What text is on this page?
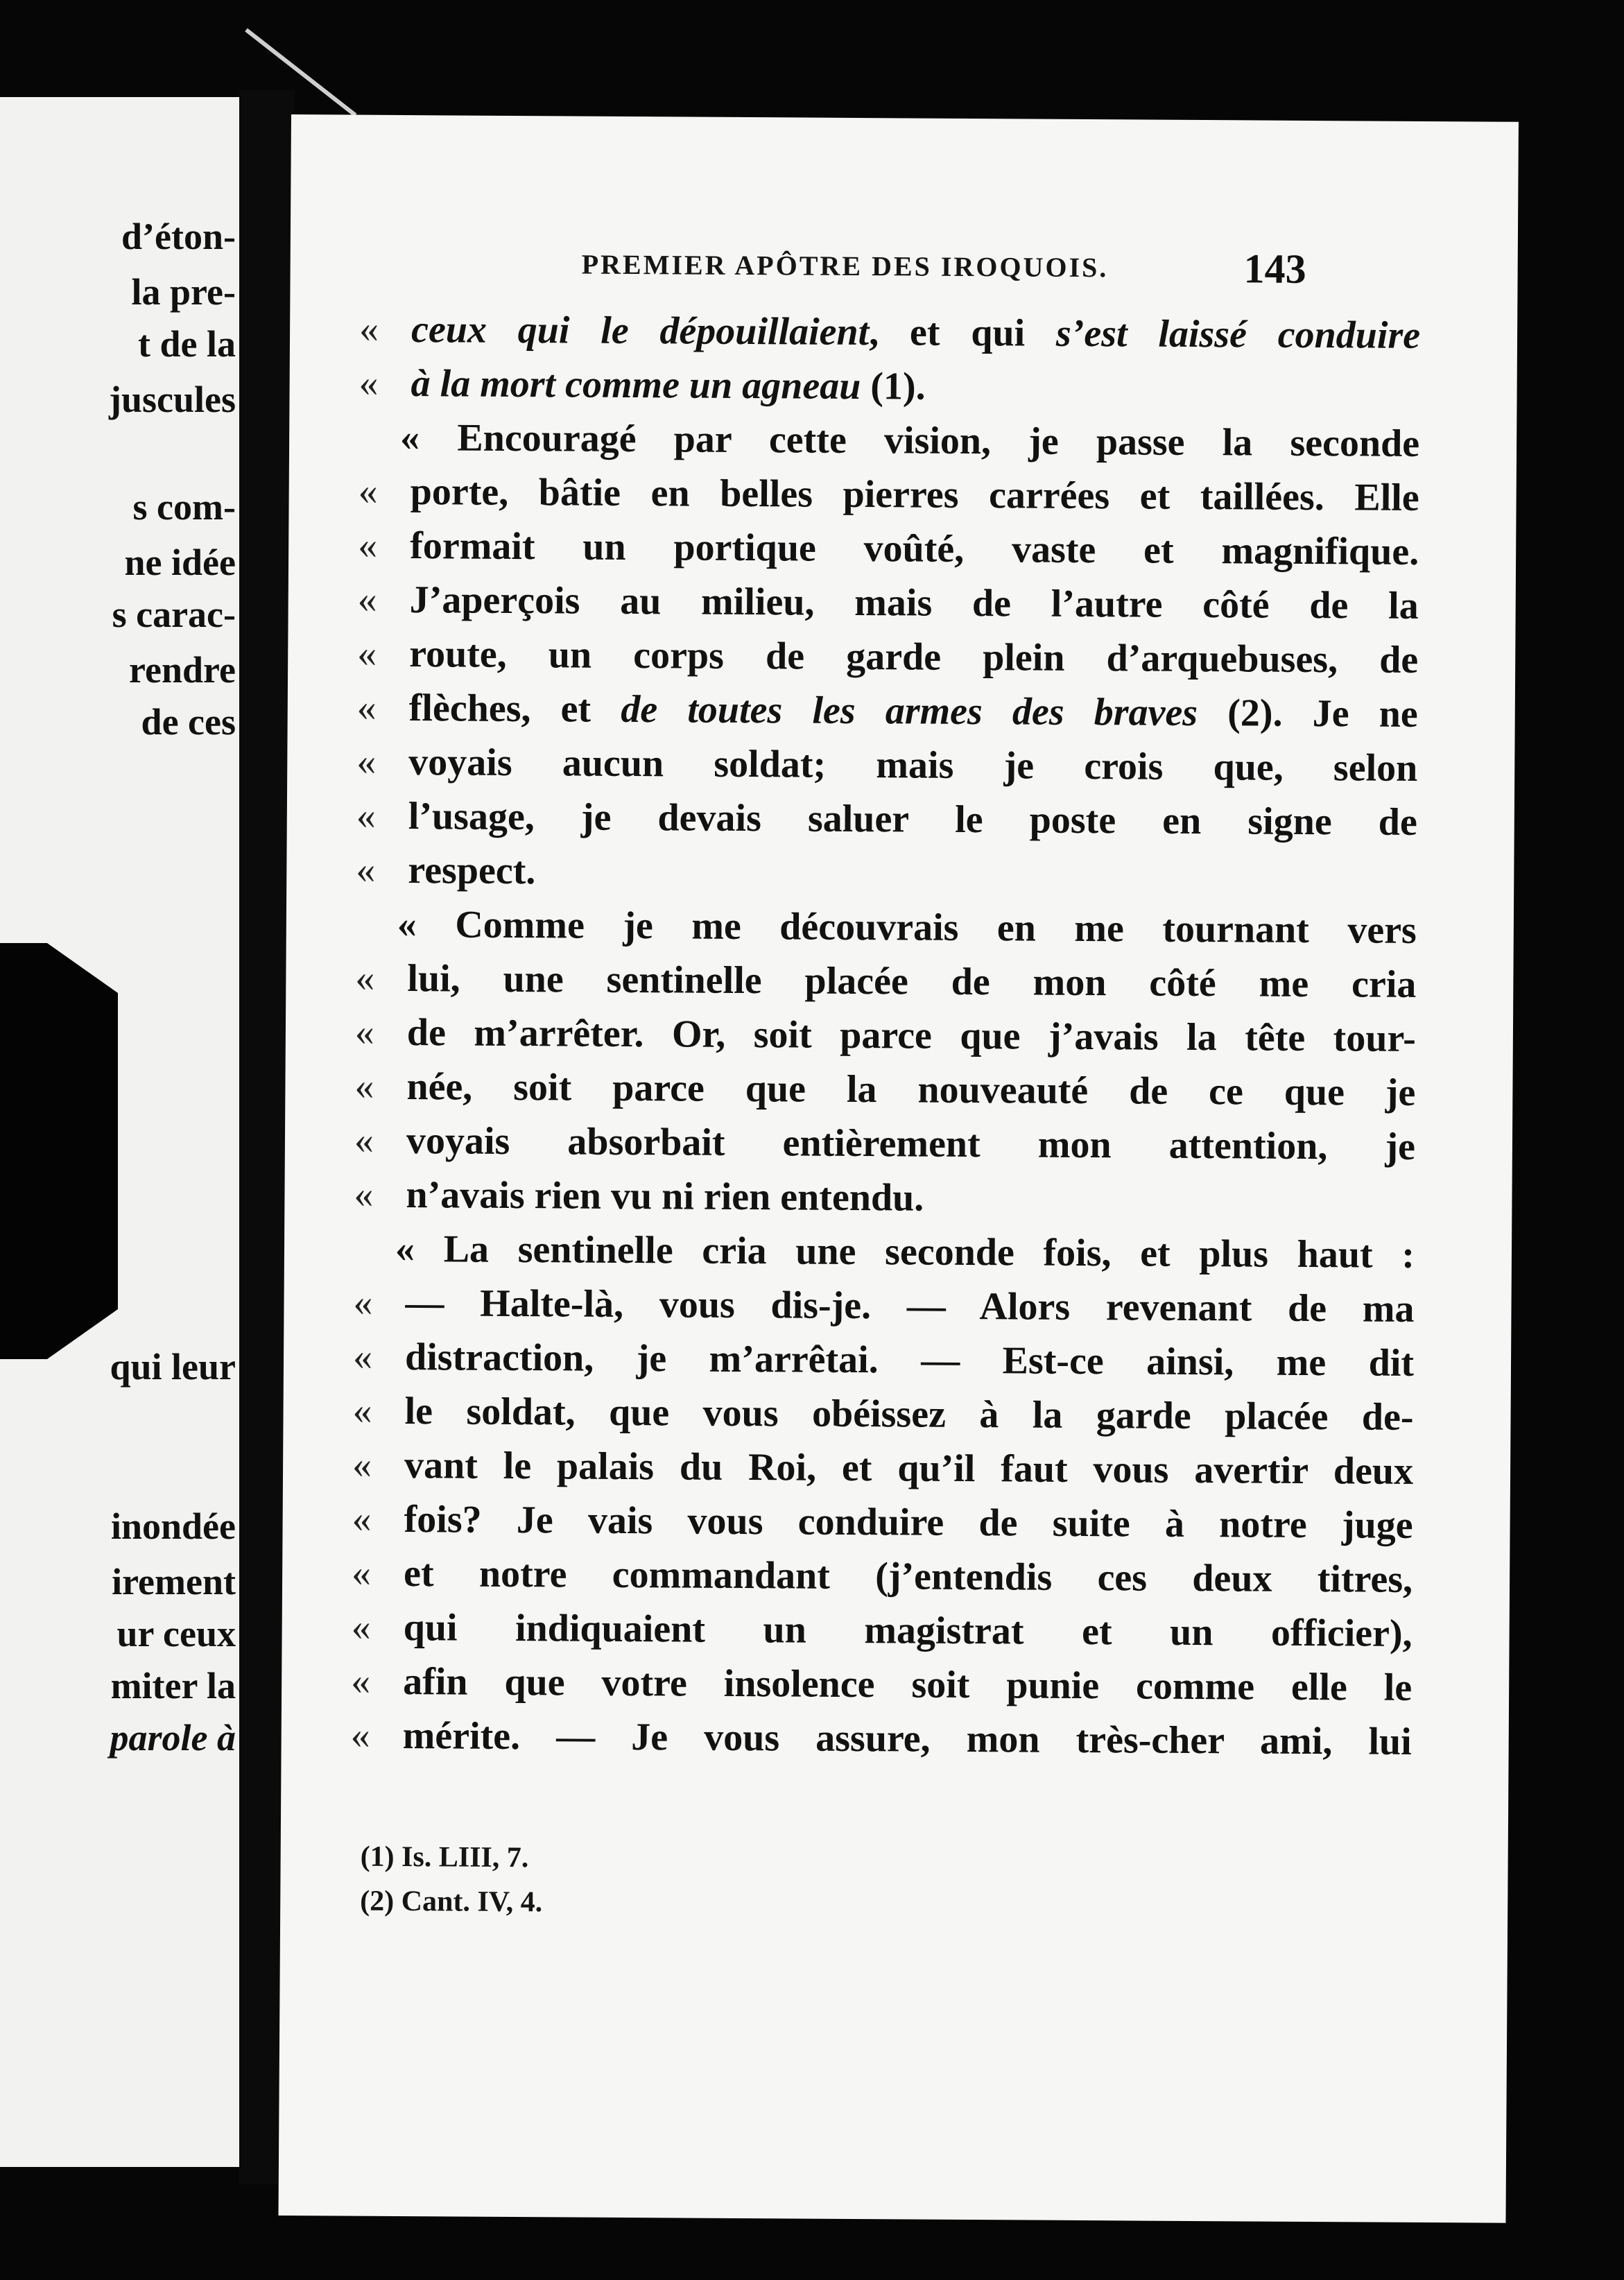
d’éton-
la pre-
t de la
juscules
s com-
ne idée
s carac-
rendre
de ces
qui leur
inondée
irement
ur ceux
miter la
parole à
PREMIER APÔTRE DES IROQUOIS.	143
« ceux qui le dépouillaient, et qui s’est laissé conduire
« à la mort comme un agneau (1).
« Encouragé par cette vision, je passe la seconde
« porte, bâtie en belles pierres carrées et taillées. Elle
« formait un portique voûté, vaste et magnifique.
« J’aperçois au milieu, mais de l’autre côté de la
« route, un corps de garde plein d’arquebuses, de
« flèches, et de toutes les armes des braves (2). Je ne
« voyais aucun soldat; mais je crois que, selon
« l’usage, je devais saluer le poste en signe de
« respect.
« Comme je me découvrais en me tournant vers
« lui, une sentinelle placée de mon côté me cria
« de m’arrêter. Or, soit parce que j’avais la tête tour-
« née, soit parce que la nouveauté de ce que je
« voyais absorbait entièrement mon attention, je
« n’avais rien vu ni rien entendu.
« La sentinelle cria une seconde fois, et plus haut :
« — Halte-là, vous dis-je. — Alors revenant de ma
« distraction, je m’arrêtai. — Est-ce ainsi, me dit
« le soldat, que vous obéissez à la garde placée de-
« vant le palais du Roi, et qu’il faut vous avertir deux
« fois? Je vais vous conduire de suite à notre juge
« et notre commandant (j’entendis ces deux titres,
« qui indiquaient un magistrat et un officier),
« afin que votre insolence soit punie comme elle le
« mérite. — Je vous assure, mon très-cher ami, lui
(1) Is. LIII, 7.
(2) Cant. IV, 4.
